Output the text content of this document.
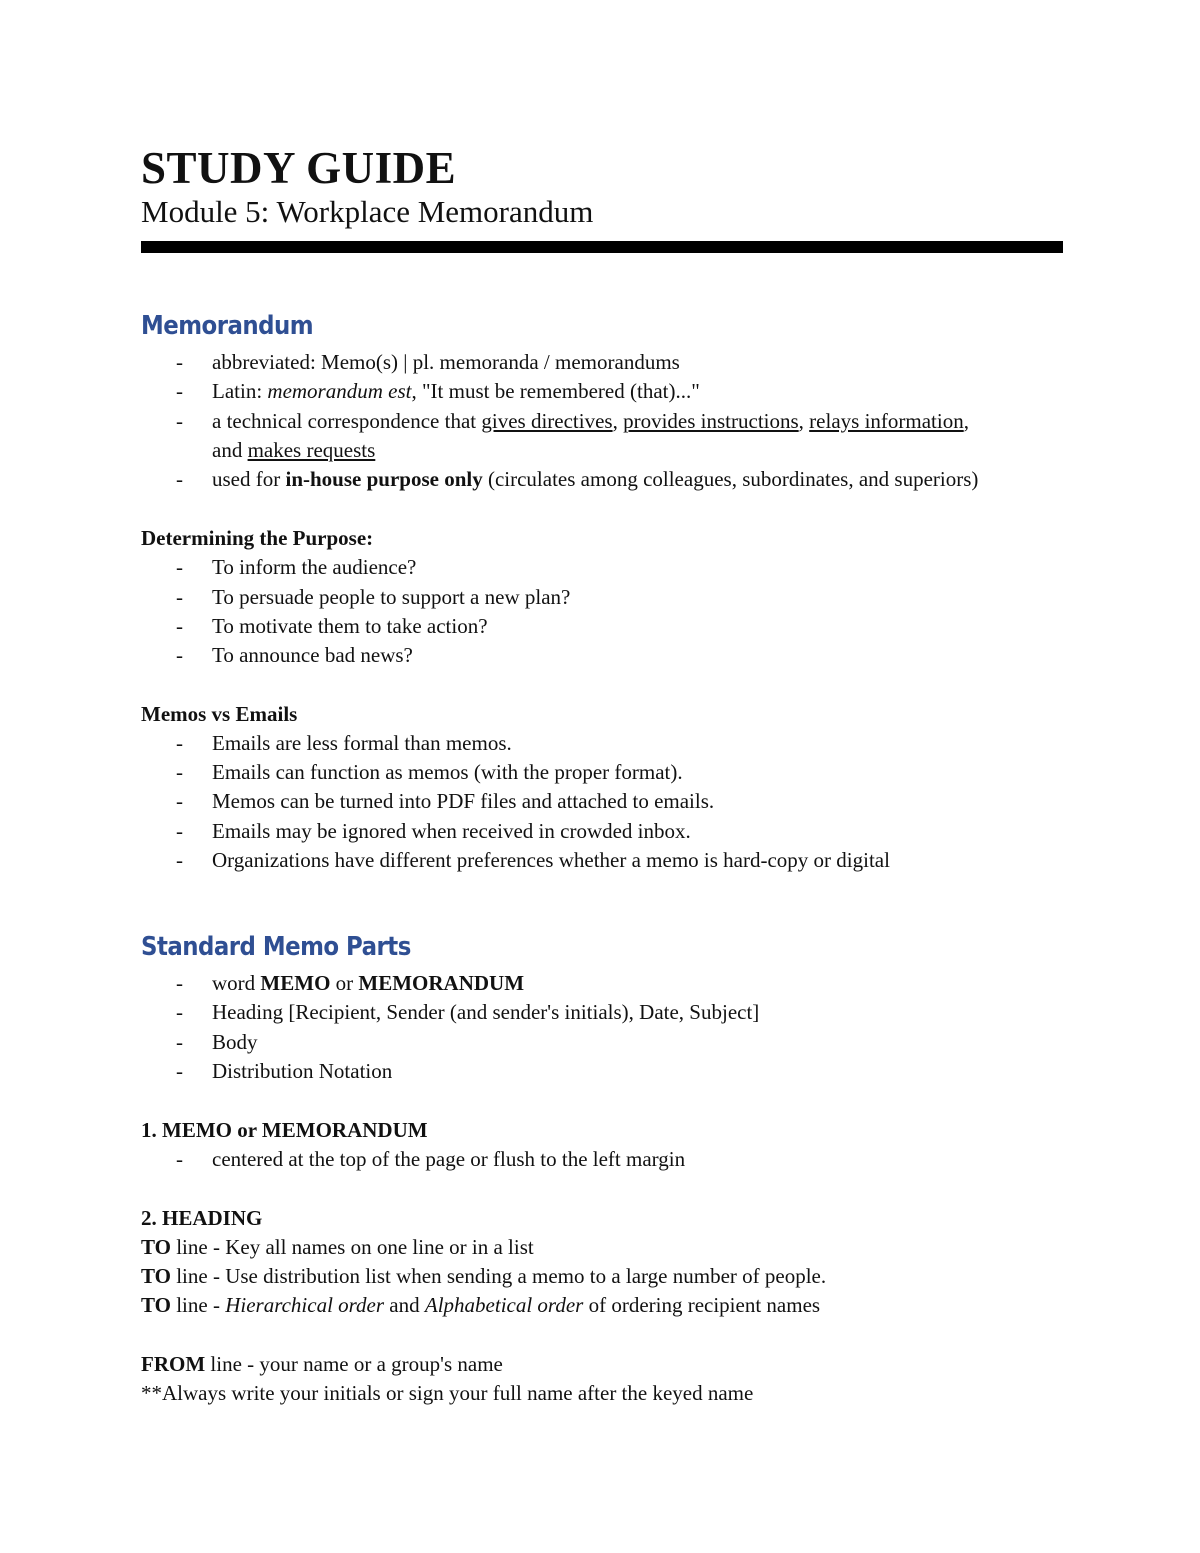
STUDY GUIDE
Module 5: Workplace Memorandum
Memorandum
- abbreviated: Memo(s) | pl. memoranda / memorandums
- Latin: memorandum est, "It must be remembered (that)..."
- a technical correspondence that gives directives, provides instructions, relays information,
and makes requests
- used for in-house purpose only (circulates among colleagues, subordinates, and superiors)
Determining the Purpose:
- To inform the audience?
- To persuade people to support a new plan?
- To motivate them to take action?
- To announce bad news?
Memos vs Emails
- Emails are less formal than memos.
- Emails can function as memos (with the proper format).
- Memos can be turned into PDF files and attached to emails.
- Emails may be ignored when received in crowded inbox.
- Organizations have different preferences whether a memo is hard-copy or digital
Standard Memo Parts
- word MEMO or MEMORANDUM
- Heading [Recipient, Sender (and sender's initials), Date, Subject]
- Body
- Distribution Notation
1. MEMO or MEMORANDUM
- centered at the top of the page or flush to the left margin
2. HEADING
TO line - Key all names on one line or in a list
TO line - Use distribution list when sending a memo to a large number of people.
TO line - Hierarchical order and Alphabetical order of ordering recipient names
FROM line - your name or a group's name
**Always write your initials or sign your full name after the keyed name
